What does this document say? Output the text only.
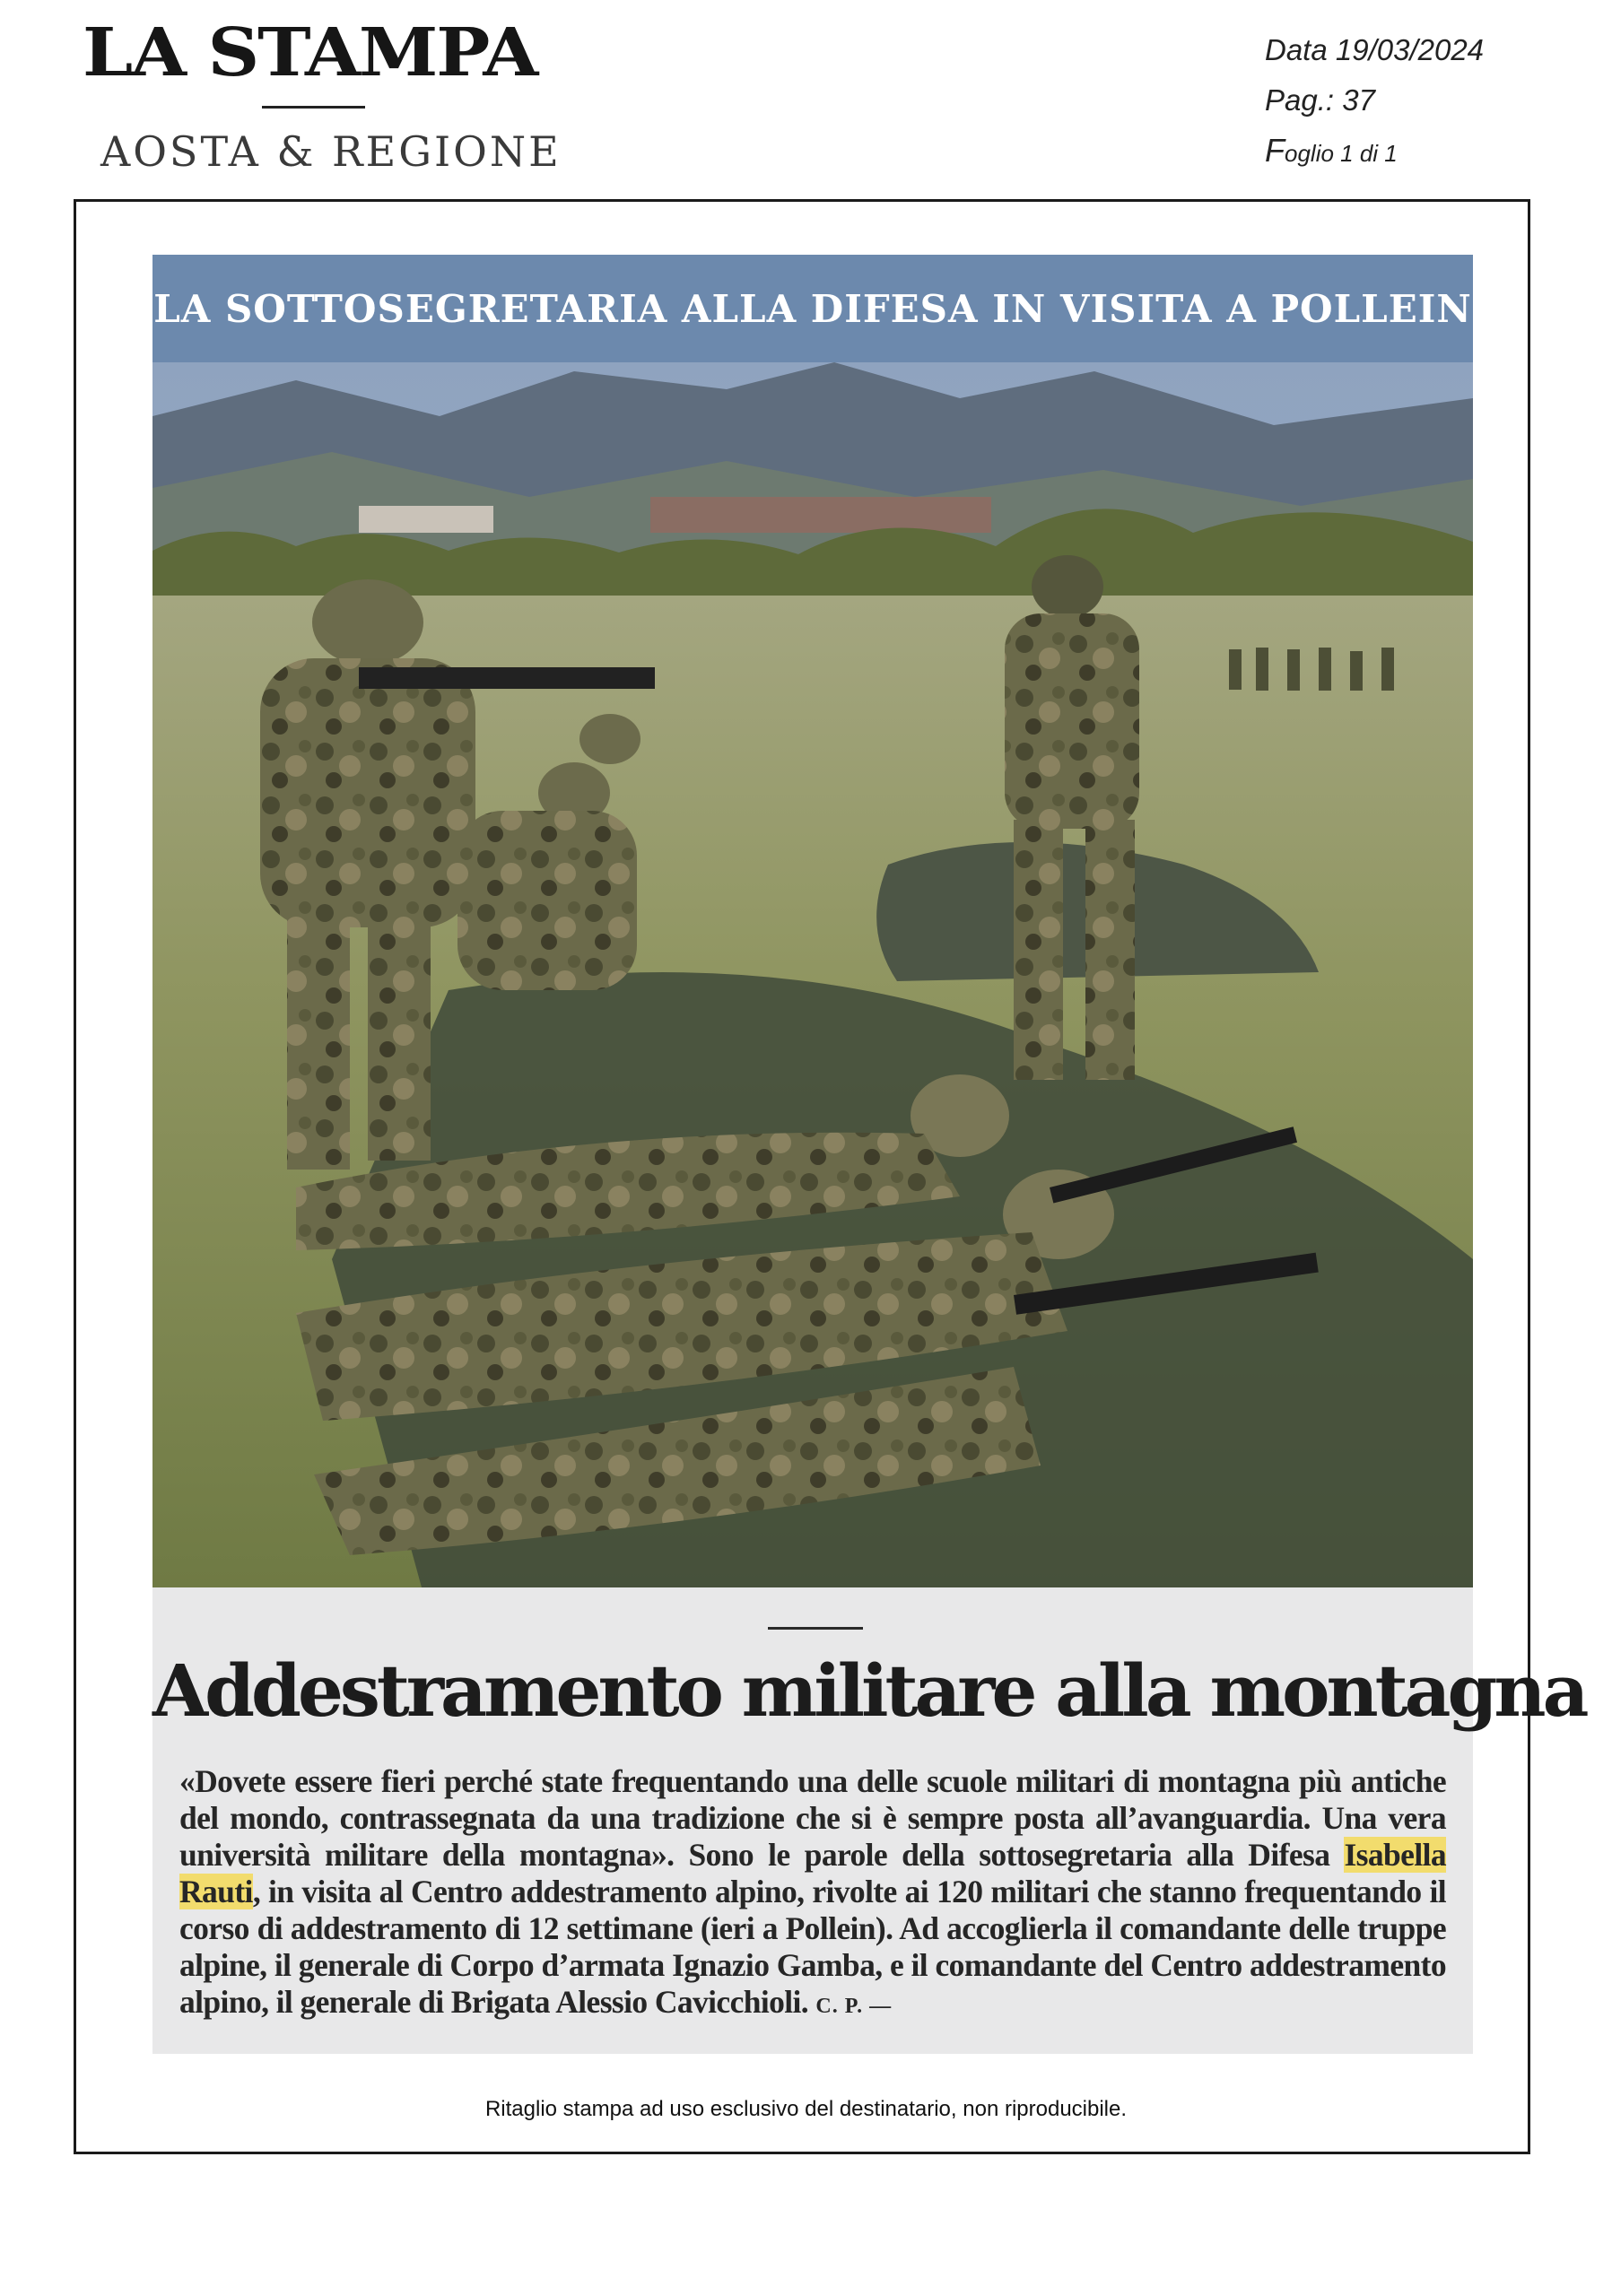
LA STAMPA
AOSTA & REGIONE
Data 19/03/2024
Pag.: 37
Foglio 1 di 1
LA SOTTOSEGRETARIA ALLA DIFESA IN VISITA A POLLEIN
Addestramento militare alla montagna

«Dovete essere fieri perché state frequentando una delle scuole militari di montagna più antiche del mondo, contrassegnata da una tradizione che si è sempre posta all’avanguardia. Una vera università militare della montagna». Sono le parole della sottosegretaria alla Difesa Isabella Rauti, in visita al Centro addestramento alpino, rivolte ai 120 militari che stanno frequentando il corso di addestramento di 12 settimane (ieri a Pollein). Ad accoglierla il comandante delle truppe alpine, il generale di Corpo d’armata Ignazio Gamba, e il comandante del Centro addestramento alpino, il generale di Brigata Alessio Cavicchioli. C. P. —

Ritaglio stampa ad uso esclusivo del destinatario, non riproducibile.
